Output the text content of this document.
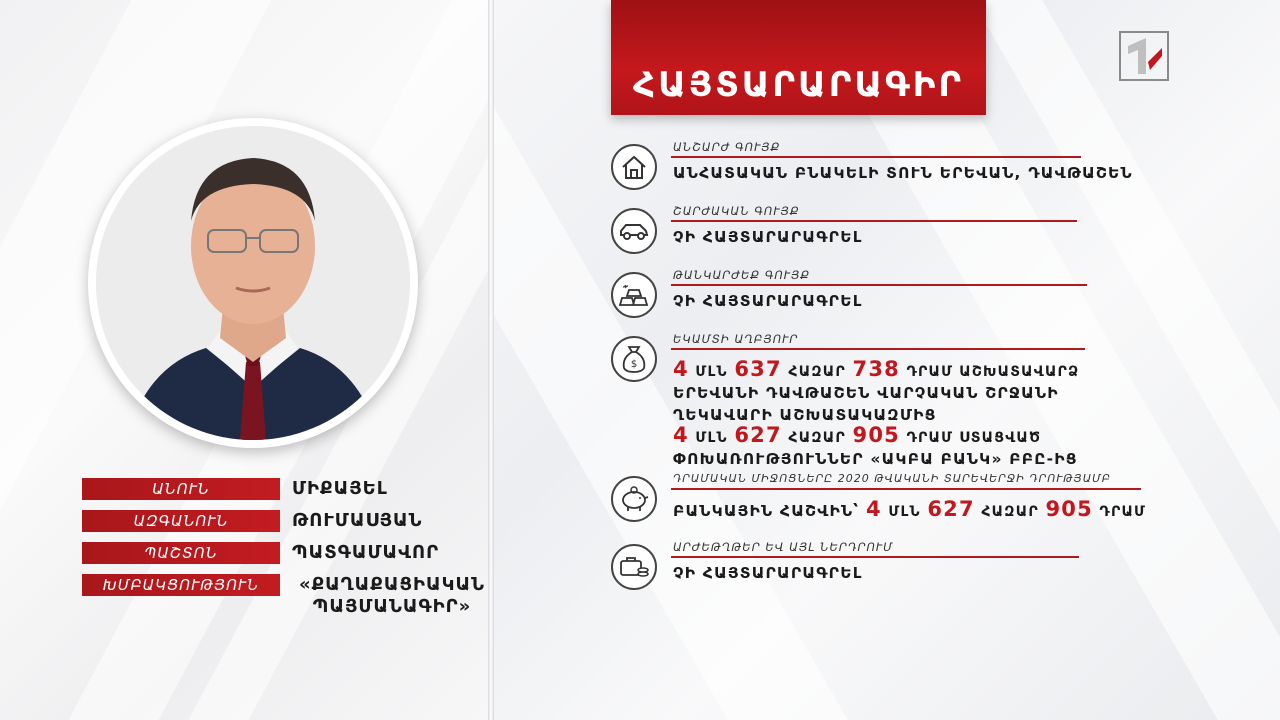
ՀԱՅՏԱՐԱՐԱԳԻՐ
ԱՆՈՒՆ	ՄԻՔԱՅԵԼ
ԱԶԳԱՆՈՒՆ	ԹՈՒՄԱՍՅԱՆ
ՊԱՇՏՈՆ	ՊԱՏԳԱՄԱՎՈՐ
ԽՄԲԱԿՑՈՒԹՅՈՒՆ	«ՔԱՂԱՔԱՑԻԱԿԱՆ ՊԱՅՄԱՆԱԳԻՐ»
ԱՆՇԱՐԺ ԳՈՒՅՔ
ԱՆՀԱՏԱԿԱՆ ԲՆԱԿԵԼԻ ՏՈՒՆ ԵՐԵՎԱՆ, ԴԱՎԹԱՇԵՆ
ՇԱՐԺԱԿԱՆ ԳՈՒՅՔ
ՉԻ ՀԱՅՏԱՐԱՐԱԳՐԵԼ
ԹԱՆԿԱՐԺԵՔ ԳՈՒՅՔ
ՉԻ ՀԱՅՏԱՐԱՐԱԳՐԵԼ
$
ԵԿԱՄՏԻ ԱՂԲՅՈՒՐ
4 ՄԼՆ 637 ՀԱԶԱՐ 738 ԴՐԱՄ ԱՇԽԱՏԱՎԱՐՁ
ԵՐԵՎԱՆԻ ԴԱՎԹԱՇԵՆ ՎԱՐՉԱԿԱՆ ՇՐՋԱՆԻ
ՂԵԿԱՎԱՐԻ ԱՇԽԱՏԱԿԱԶՄԻՑ
4 ՄԼՆ 627 ՀԱԶԱՐ 905 ԴՐԱՄ ՍՏԱՑՎԱԾ
ՓՈԽԱՌՈՒԹՅՈՒՆՆԵՐ «ԱԿԲԱ ԲԱՆԿ» ԲԲԸ-ԻՑ
ԴՐԱՄԱԿԱՆ ՄԻՋՈՑՆԵՐԸ 2020 ԹՎԱԿԱՆԻ ՏԱՐԵՎԵՐՋԻ ԴՐՈՒԹՅԱՄԲ
ԲԱՆԿԱՅԻՆ ՀԱՇՎԻՆ՝ 4 ՄԼՆ 627 ՀԱԶԱՐ 905 ԴՐԱՄ
ԱՐԺԵԹՂԹԵՐ ԵՎ ԱՅԼ ՆԵՐԴՐՈՒՄ
ՉԻ ՀԱՅՏԱՐԱՐԱԳՐԵԼ
